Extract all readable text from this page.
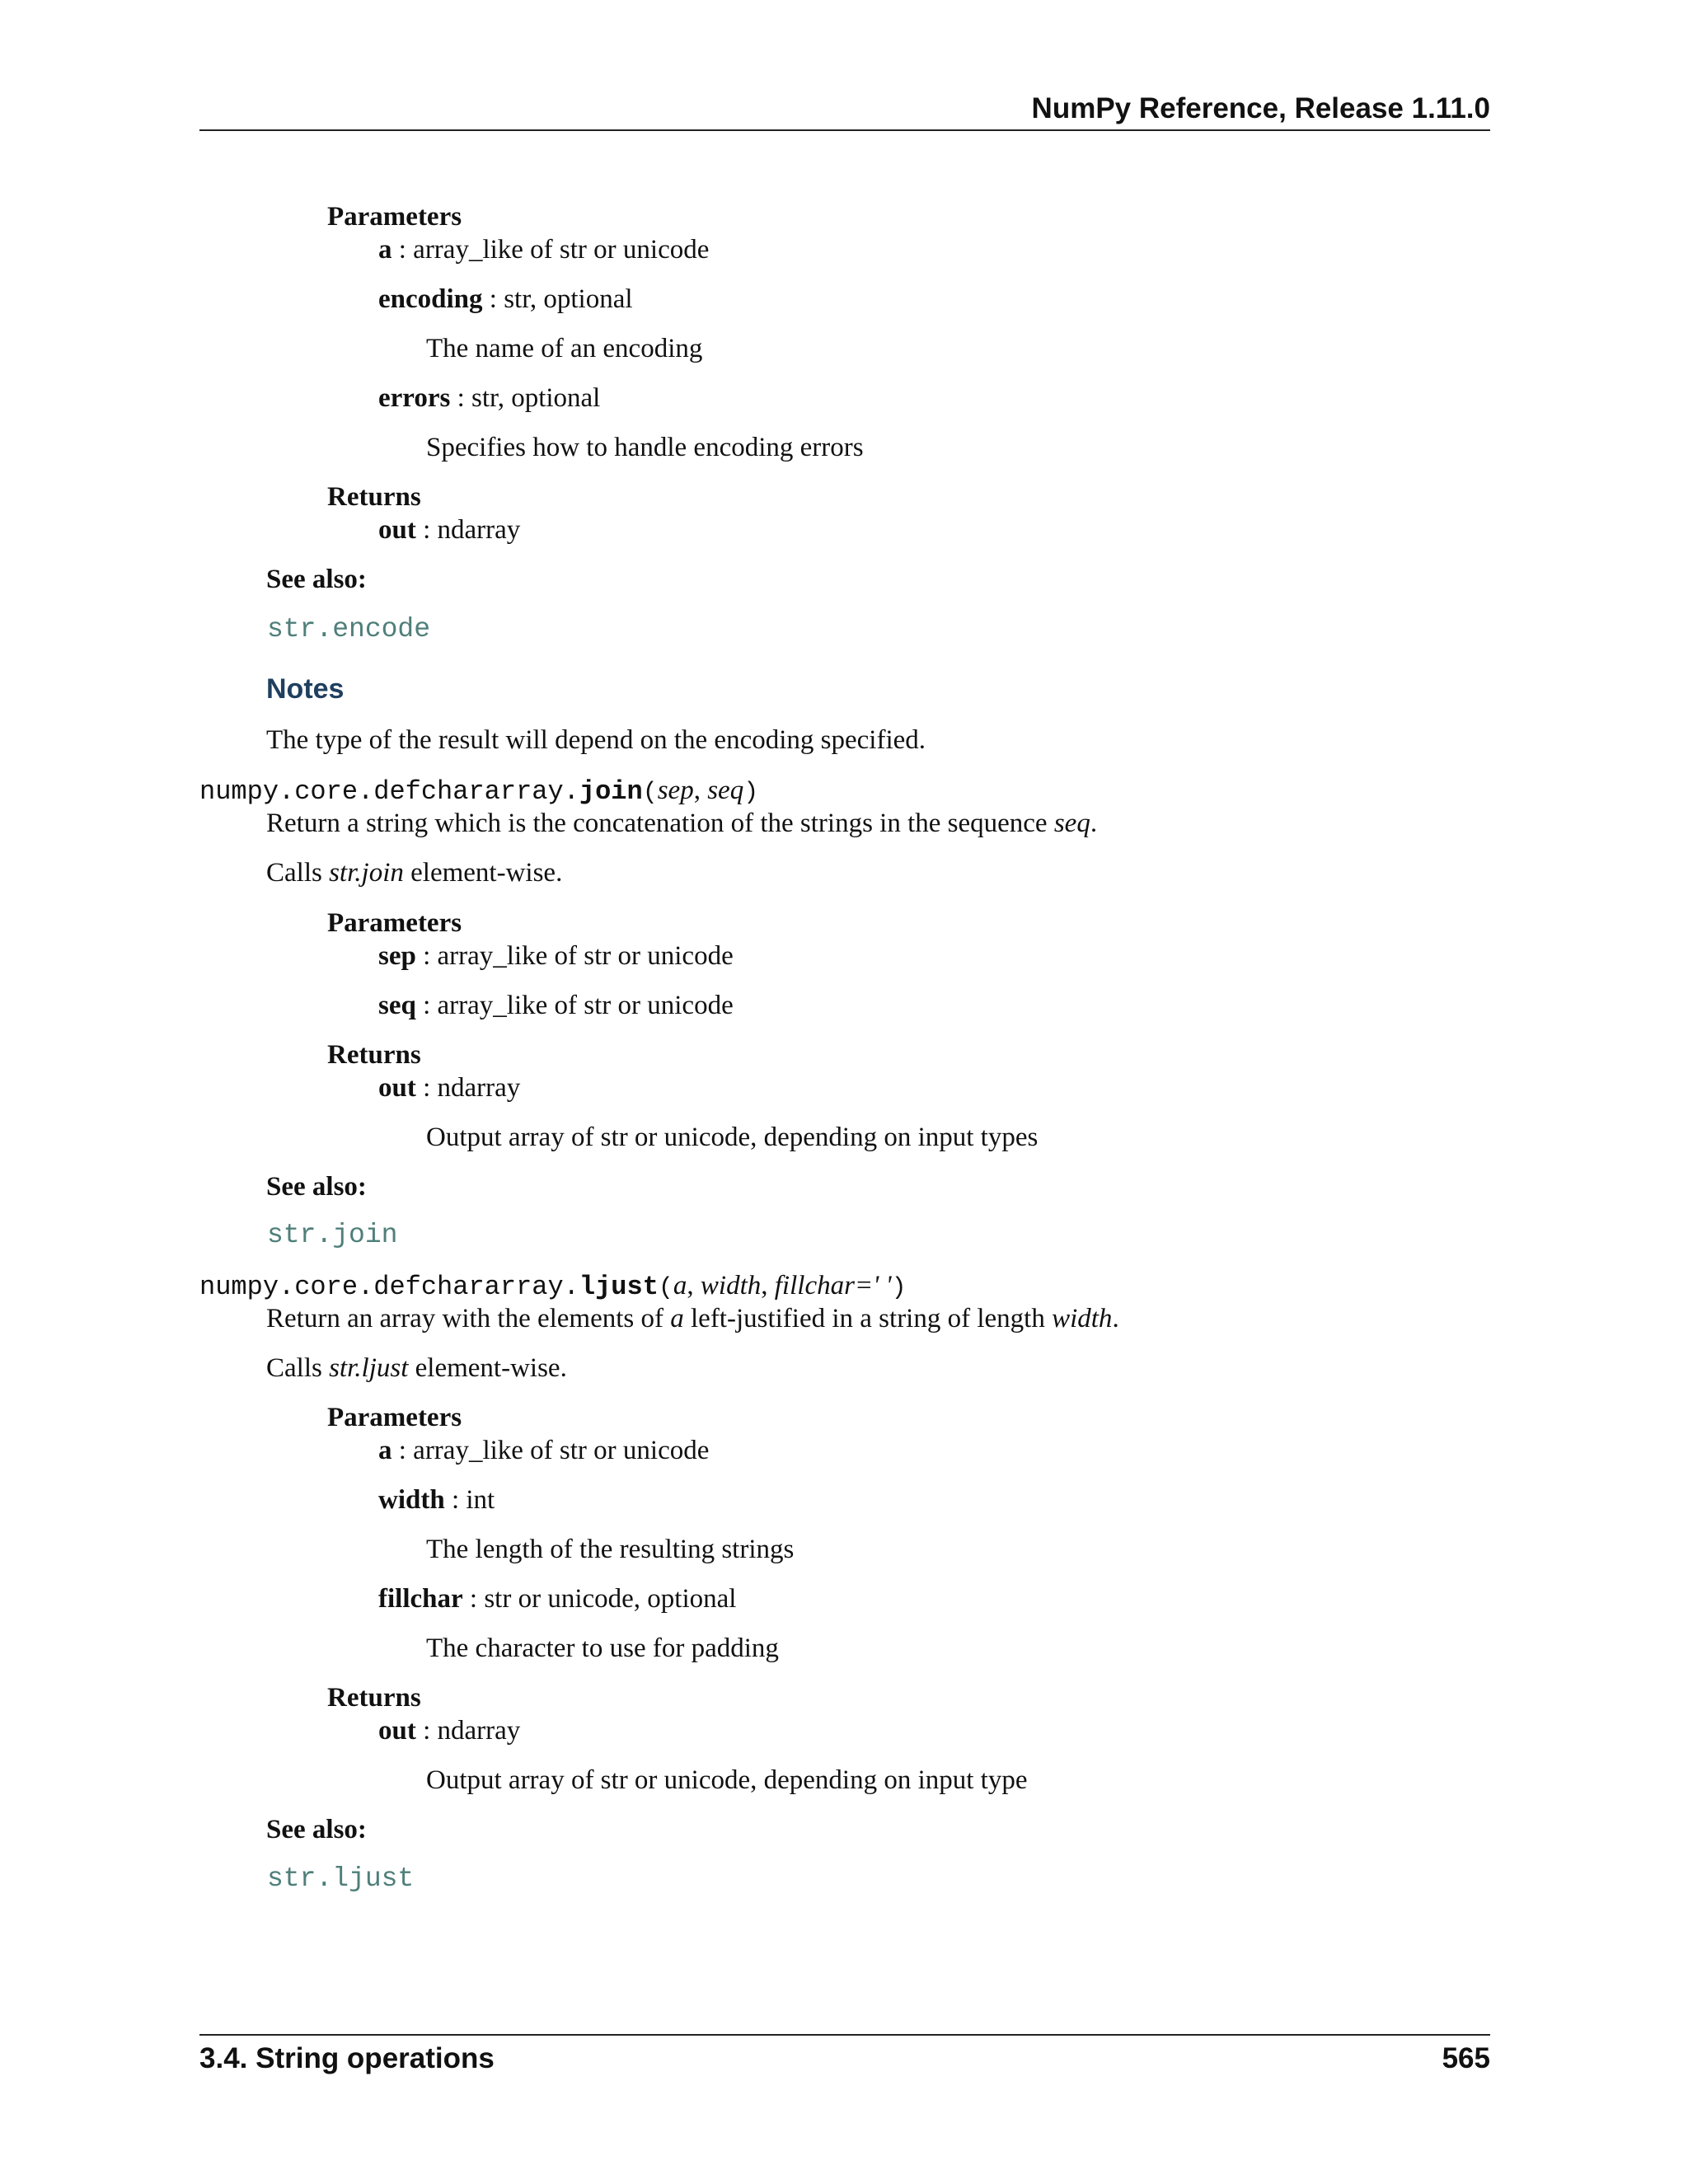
NumPy Reference, Release 1.11.0
Parameters
a : array_like of str or unicode
encoding : str, optional
The name of an encoding
errors : str, optional
Specifies how to handle encoding errors
Returns
out : ndarray
See also:
str.encode
Notes
The type of the result will depend on the encoding specified.
numpy.core.defchararray.join(sep, seq)
Return a string which is the concatenation of the strings in the sequence seq.
Calls str.join element-wise.
Parameters
sep : array_like of str or unicode
seq : array_like of str or unicode
Returns
out : ndarray
Output array of str or unicode, depending on input types
See also:
str.join
numpy.core.defchararray.ljust(a, width, fillchar=' ')
Return an array with the elements of a left-justified in a string of length width.
Calls str.ljust element-wise.
Parameters
a : array_like of str or unicode
width : int
The length of the resulting strings
fillchar : str or unicode, optional
The character to use for padding
Returns
out : ndarray
Output array of str or unicode, depending on input type
See also:
str.ljust
3.4. String operations	565
